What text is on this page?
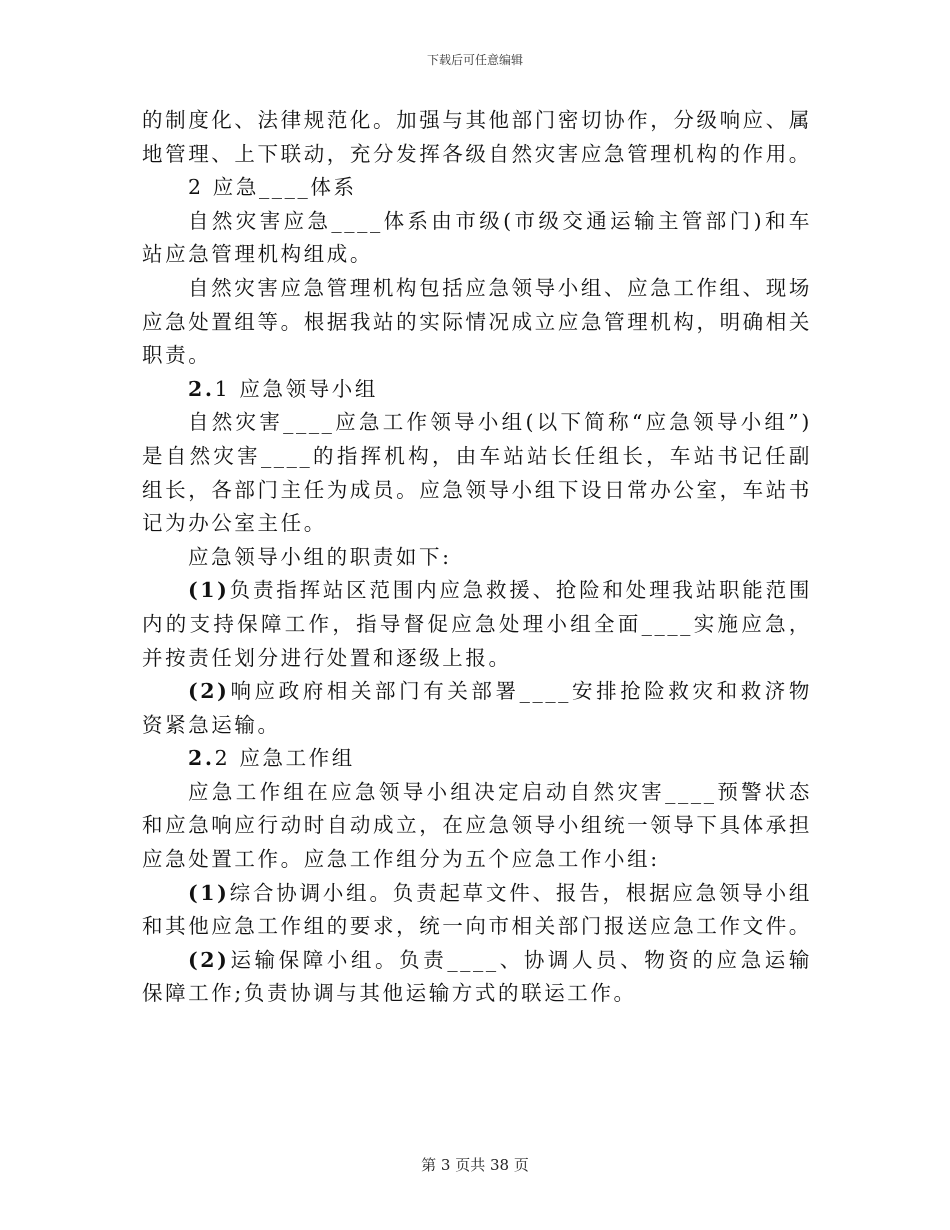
下载后可任意编辑

的制度化、法律规范化。加强与其他部门密切协作，分级响应、属地管理、上下联动，充分发挥各级自然灾害应急管理机构的作用。

2 应急____体系

自然灾害应急____体系由市级(市级交通运输主管部门)和车站应急管理机构组成。

自然灾害应急管理机构包括应急领导小组、应急工作组、现场应急处置组等。根据我站的实际情况成立应急管理机构，明确相关职责。

2.1 应急领导小组

自然灾害____应急工作领导小组(以下简称“应急领导小组”)是自然灾害____的指挥机构，由车站站长任组长，车站书记任副组长，各部门主任为成员。应急领导小组下设日常办公室，车站书记为办公室主任。

应急领导小组的职责如下:

(1)负责指挥站区范围内应急救援、抢险和处理我站职能范围内的支持保障工作，指导督促应急处理小组全面____实施应急，并按责任划分进行处置和逐级上报。

(2)响应政府相关部门有关部署____安排抢险救灾和救济物资紧急运输。

2.2 应急工作组

应急工作组在应急领导小组决定启动自然灾害____预警状态和应急响应行动时自动成立，在应急领导小组统一领导下具体承担应急处置工作。应急工作组分为五个应急工作小组:

(1)综合协调小组。负责起草文件、报告，根据应急领导小组和其他应急工作组的要求，统一向市相关部门报送应急工作文件。

(2)运输保障小组。负责____、协调人员、物资的应急运输保障工作;负责协调与其他运输方式的联运工作。

第 3 页共 38 页
